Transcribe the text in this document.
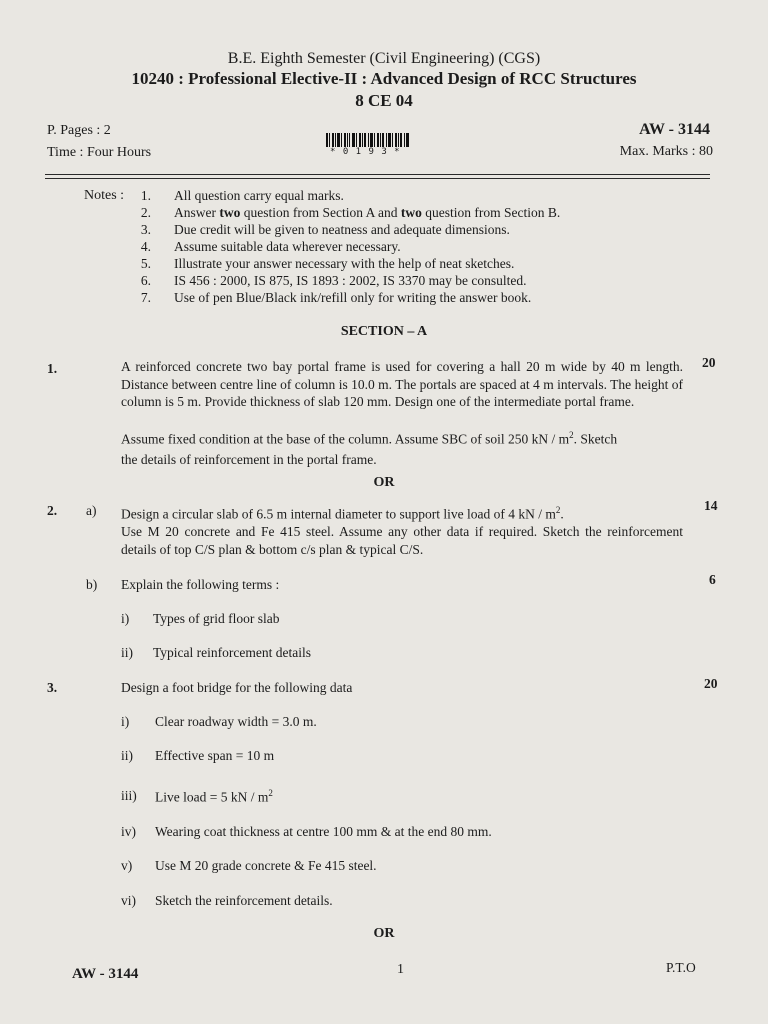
B.E. Eighth Semester (Civil Engineering) (CGS)
10240 : Professional Elective-II : Advanced Design of RCC Structures
8 CE 04
P. Pages : 2
Time : Four Hours	* 0 1 9 3 *
AW - 3144
Max. Marks : 80
Notes :	1. All question carry equal marks.
2. Answer two question from Section A and two question from Section B.
3. Due credit will be given to neatness and adequate dimensions.
4. Assume suitable data wherever necessary.
5. Illustrate your answer necessary with the help of neat sketches.
6. IS 456 : 2000, IS 875, IS 1893 : 2002, IS 3370 may be consulted.
7. Use of pen Blue/Black ink/refill only for writing the answer book.
SECTION – A
1.	20
A reinforced concrete two bay portal frame is used for covering a hall 20 m wide by 40 m length. Distance between centre line of column is 10.0 m. The portals are spaced at 4 m intervals. The height of column is 5 m. Provide thickness of slab 120 mm. Design one of the intermediate portal frame.
Assume fixed condition at the base of the column. Assume SBC of soil 250 kN / $m^2$. Sketch
the details of reinforcement in the portal frame.
OR
2. a)	14
Design a circular slab of 6.5 m internal diameter to support live load of 4 kN / $m^2$.
Use M 20 concrete and Fe 415 steel. Assume any other data if required. Sketch the reinforcement details of top C/S plan & bottom c/s plan & typical C/S.
b)	6
Explain the following terms :
i) Types of grid floor slab
ii) Typical reinforcement details
3.	20
Design a foot bridge for the following data
i) Clear roadway width = 3.0 m.
ii) Effective span = 10 m
iii) Live load = 5 kN / $m^2$
iv) Wearing coat thickness at centre 100 mm & at the end 80 mm.
v) Use M 20 grade concrete & Fe 415 steel.
vi) Sketch the reinforcement details.
OR
AW - 3144	1	P.T.O
